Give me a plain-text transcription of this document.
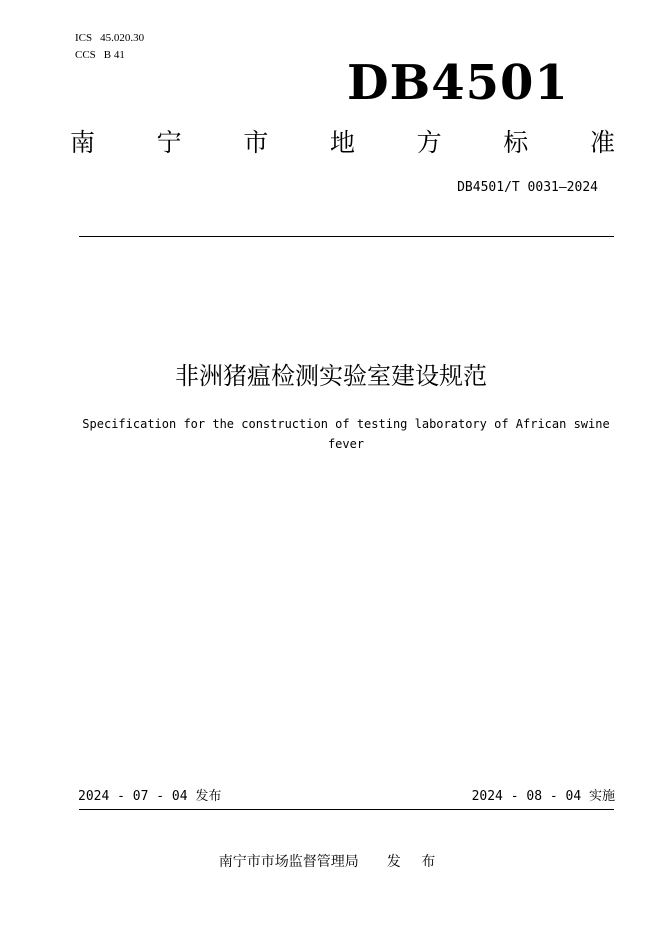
ICS 45.020.30
CCS B 41	DB4501
南 宁 市 地 方 标 准
DB4501/T 0031—2024
非洲猪瘟检测实验室建设规范
Specification for the construction of testing laboratory of African swine fever
2024 - 07 - 04 发布	2024 - 08 - 04 实施
南宁市市场监督管理局 发 布
